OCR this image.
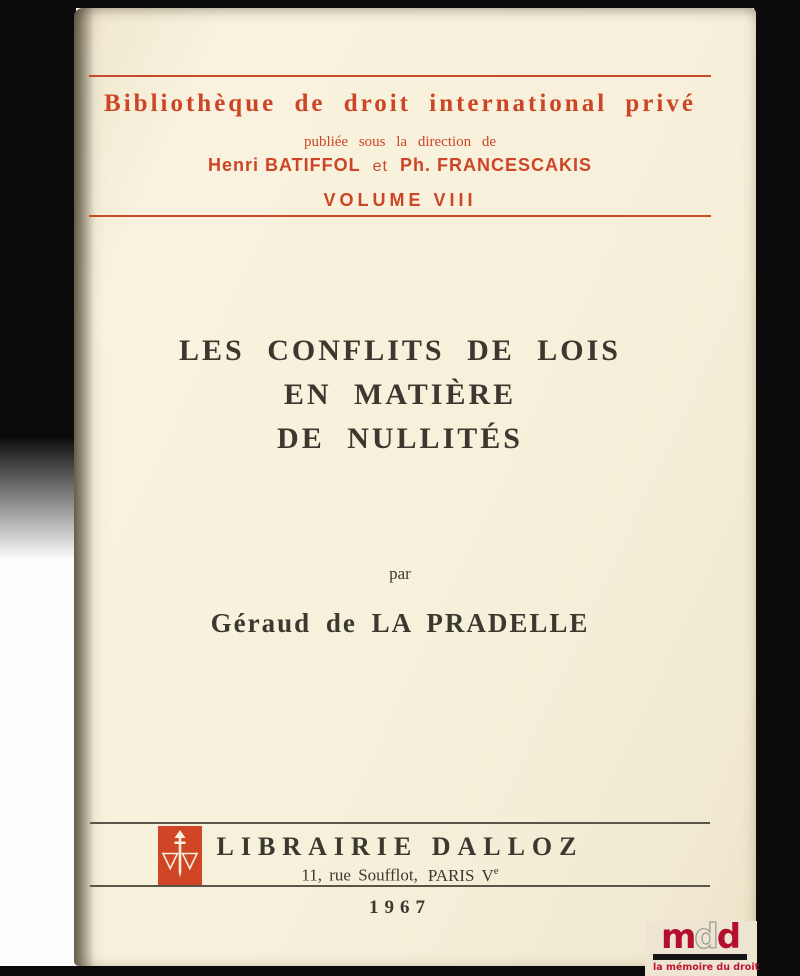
Bibliothèque de droit international privé
publiée sous la direction de
Henri BATIFFOL et Ph. FRANCESCAKIS
VOLUME VIII
LES CONFLITS DE LOIS
EN MATIÈRE
DE NULLITÉS
par
Géraud de LA PRADELLE
LIBRAIRIE DALLOZ
11, rue Soufflot, PARIS Ve
1967
mdd
la mémoire du droit
